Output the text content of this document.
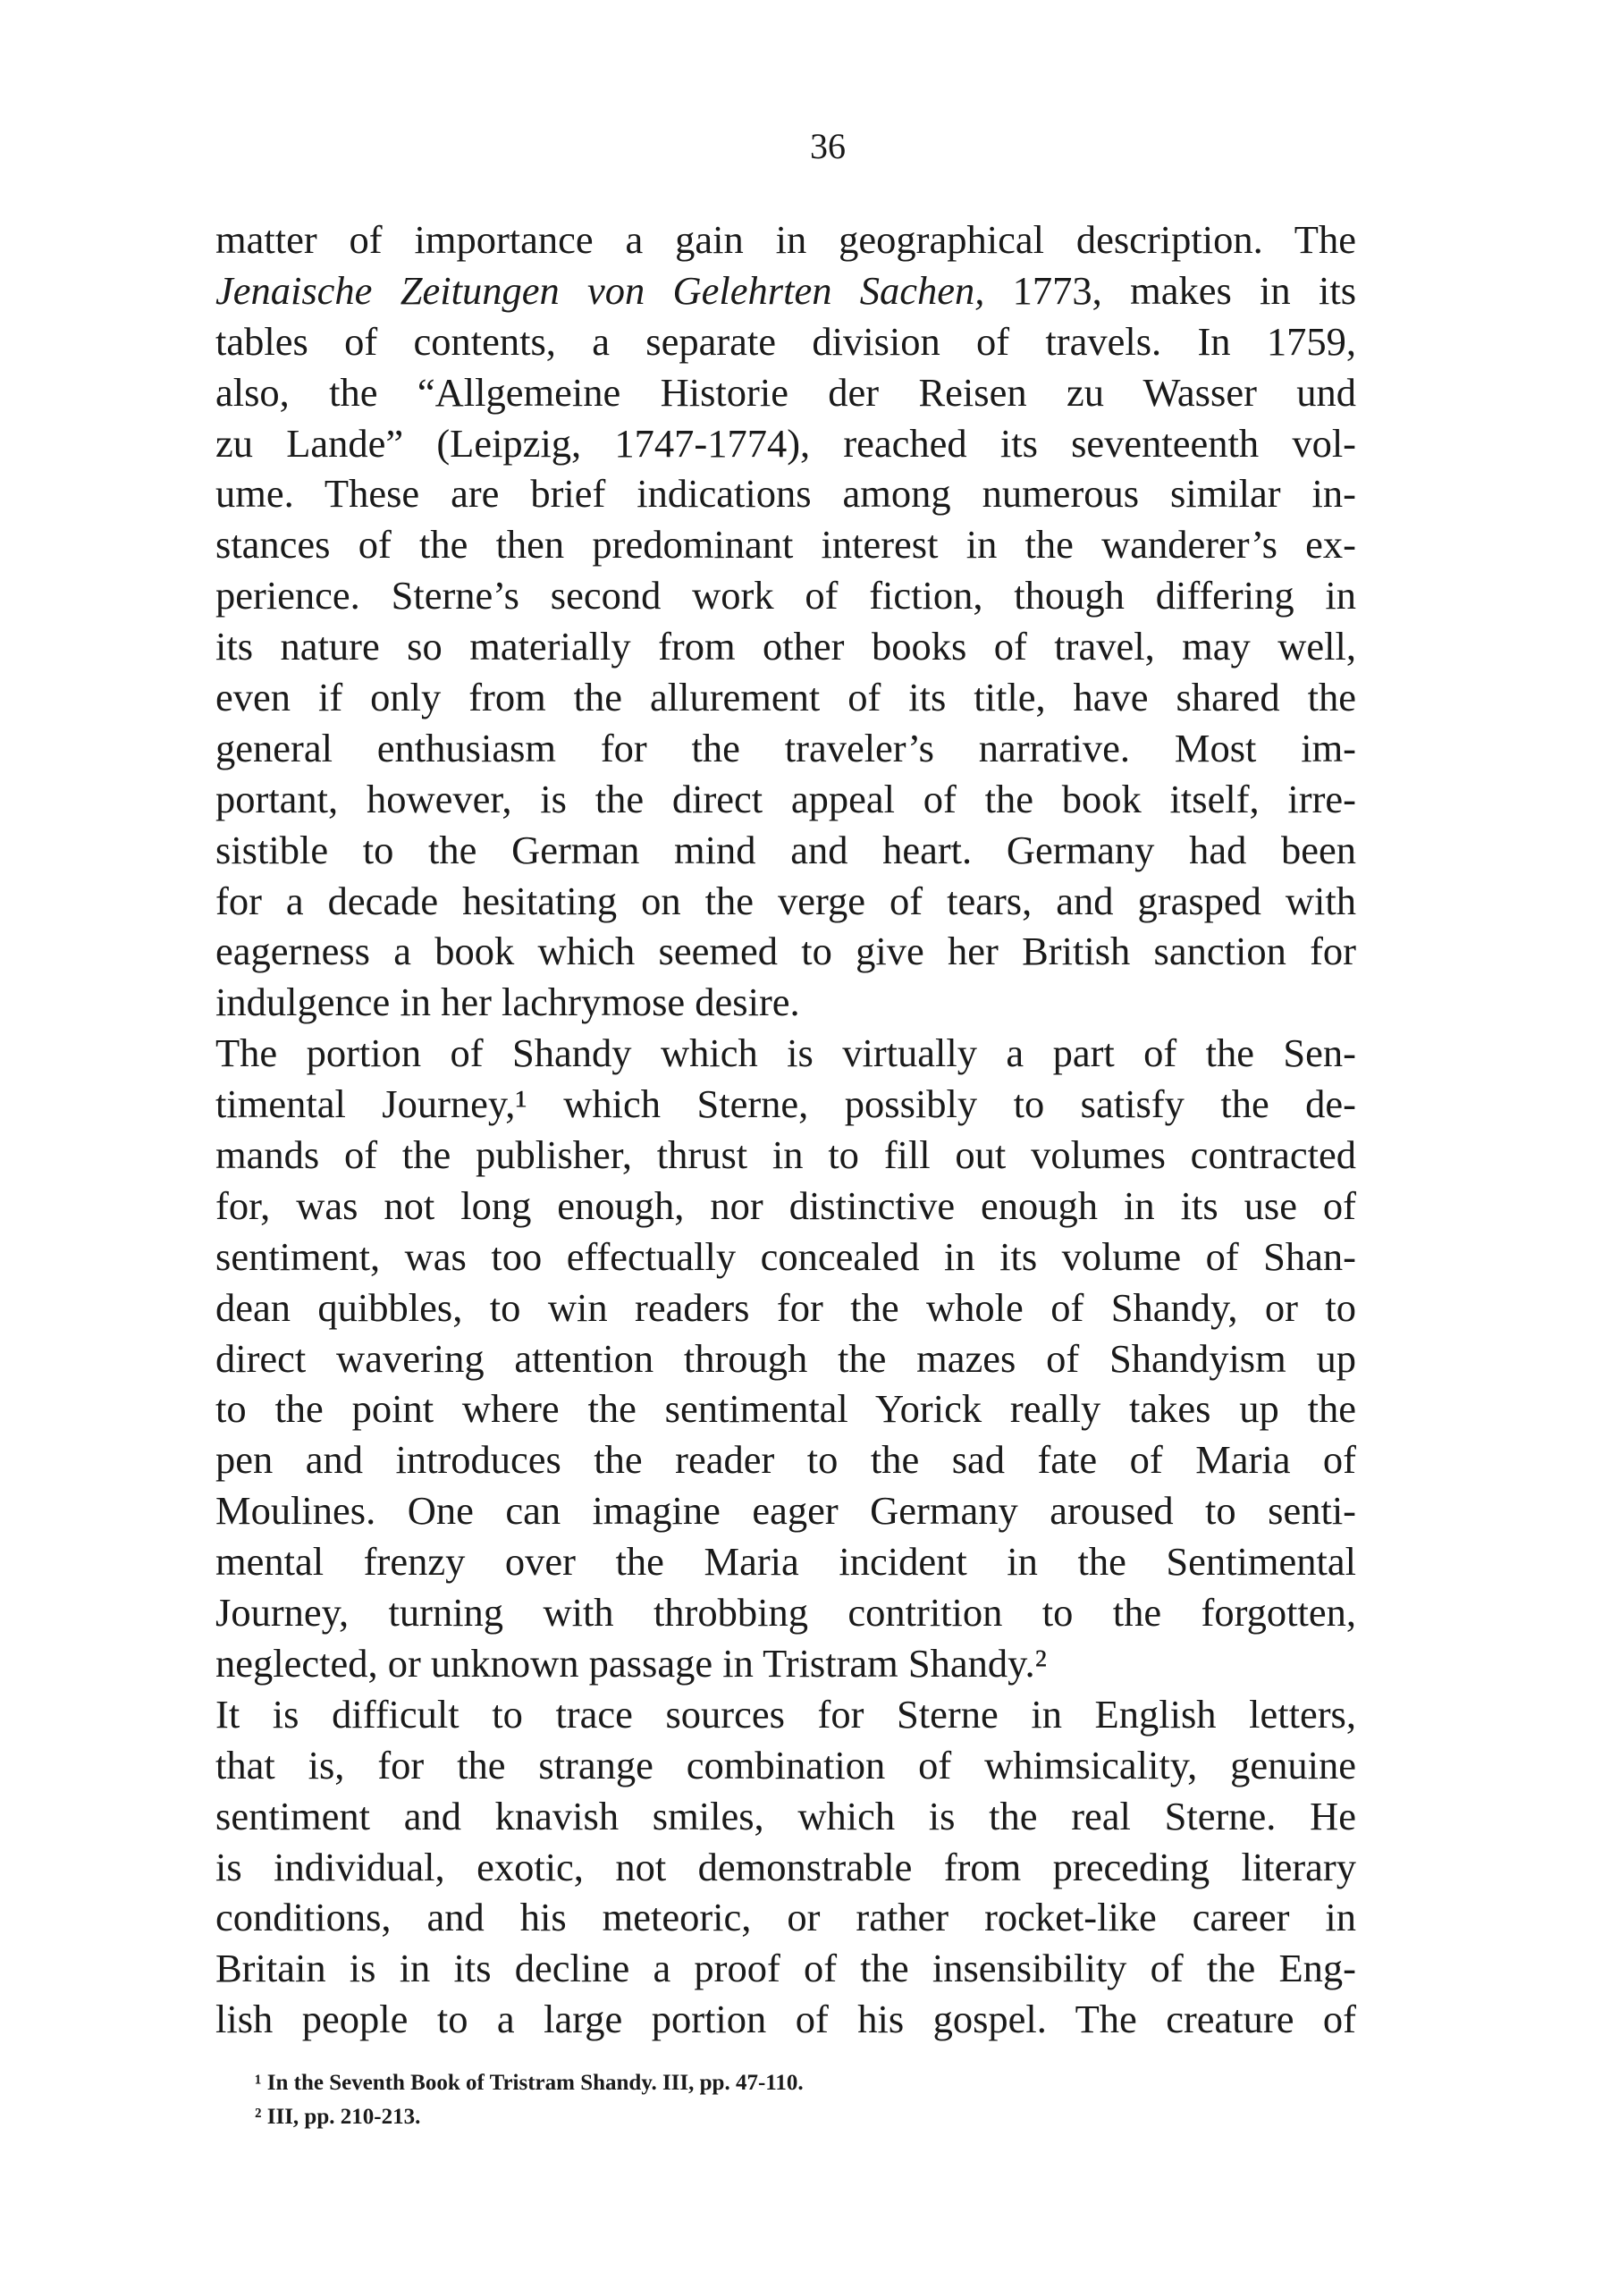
36
matter of importance a gain in geographical description. The
Jenaische Zeitungen von Gelehrten Sachen, 1773, makes in its
tables of contents, a separate division of travels. In 1759,
also, the “Allgemeine Historie der Reisen zu Wasser und
zu Lande” (Leipzig, 1747-1774), reached its seventeenth vol-
ume. These are brief indications among numerous similar in-
stances of the then predominant interest in the wanderer’s ex-
perience. Sterne’s second work of fiction, though differing in
its nature so materially from other books of travel, may well,
even if only from the allurement of its title, have shared the
general enthusiasm for the traveler’s narrative. Most im-
portant, however, is the direct appeal of the book itself, irre-
sistible to the German mind and heart. Germany had been
for a decade hesitating on the verge of tears, and grasped with
eagerness a book which seemed to give her British sanction for
indulgence in her lachrymose desire.
The portion of Shandy which is virtually a part of the Sen-
timental Journey,¹ which Sterne, possibly to satisfy the de-
mands of the publisher, thrust in to fill out volumes contracted
for, was not long enough, nor distinctive enough in its use of
sentiment, was too effectually concealed in its volume of Shan-
dean quibbles, to win readers for the whole of Shandy, or to
direct wavering attention through the mazes of Shandyism up
to the point where the sentimental Yorick really takes up the
pen and introduces the reader to the sad fate of Maria of
Moulines. One can imagine eager Germany aroused to senti-
mental frenzy over the Maria incident in the Sentimental
Journey, turning with throbbing contrition to the forgotten,
neglected, or unknown passage in Tristram Shandy.²
It is difficult to trace sources for Sterne in English letters,
that is, for the strange combination of whimsicality, genuine
sentiment and knavish smiles, which is the real Sterne. He
is individual, exotic, not demonstrable from preceding literary
conditions, and his meteoric, or rather rocket-like career in
Britain is in its decline a proof of the insensibility of the Eng-
lish people to a large portion of his gospel. The creature of
¹ In the Seventh Book of Tristram Shandy. III, pp. 47-110.
² III, pp. 210-213.
